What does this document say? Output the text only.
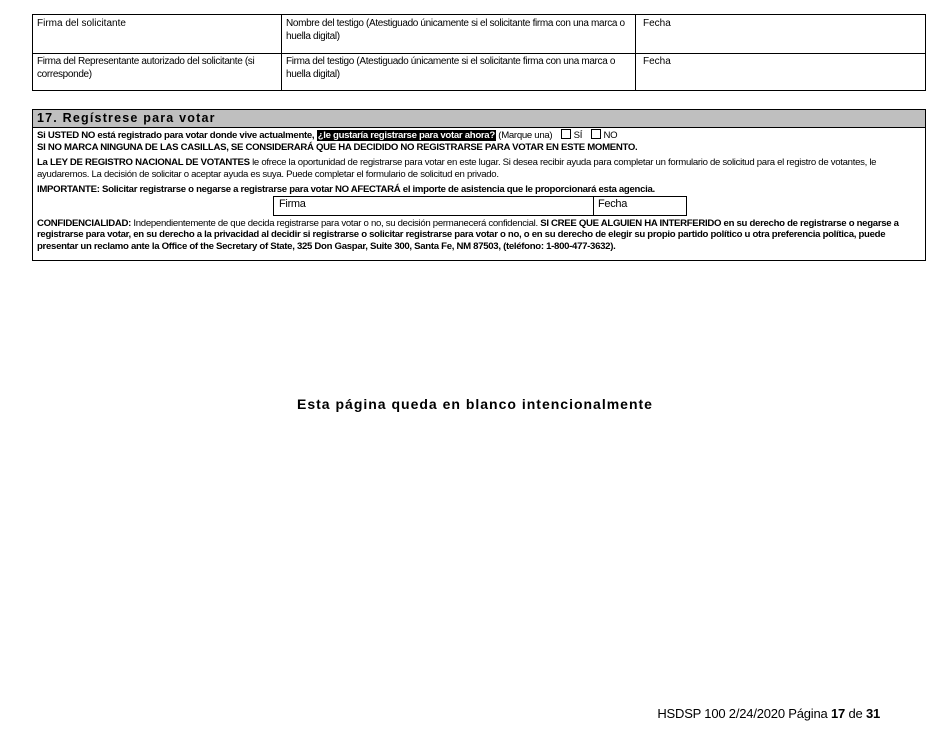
Firma del solicitante	Nombre del testigo (Atestiguado únicamente si el solicitante firma con una marca o huella digital)
Fecha
Firma del Representante autorizado del solicitante (si corresponde)
Firma del testigo (Atestiguado únicamente si el solicitante firma con una marca o huella digital)
Fecha
17. Regístrese para votar

Si USTED NO está registrado para votar donde vive actualmente, ¿le gustaría registrarse para votar ahora? (Marque una) SÍ NO

SI NO MARCA NINGUNA DE LAS CASILLAS, SE CONSIDERARÁ QUE HA DECIDIDO NO REGISTRARSE PARA VOTAR EN ESTE MOMENTO.

La LEY DE REGISTRO NACIONAL DE VOTANTES le ofrece la oportunidad de registrarse para votar en este lugar. Si desea recibir ayuda para completar un formulario de solicitud para el registro de votantes, le ayudaremos. La decisión de solicitar o aceptar ayuda es suya. Puede completar el formulario de solicitud en privado.

IMPORTANTE: Solicitar registrarse o negarse a registrarse para votar NO AFECTARÁ el importe de asistencia que le proporcionará esta agencia.

Firma	Fecha

CONFIDENCIALIDAD: Independientemente de que decida registrarse para votar o no, su decisión permanecerá confidencial. SI CREE QUE ALGUIEN HA INTERFERIDO en su derecho de registrarse o negarse a registrarse para votar, en su derecho a la privacidad al decidir si registrarse o solicitar registrarse para votar o no, o en su derecho de elegir su propio partido político u otra preferencia política, puede presentar un reclamo ante la Office of the Secretary of State, 325 Don Gaspar, Suite 300, Santa Fe, NM 87503, (teléfono: 1-800-477-3632).

Esta página queda en blanco intencionalmente
HSDSP 100 2/24/2020 Página 17 de 31
